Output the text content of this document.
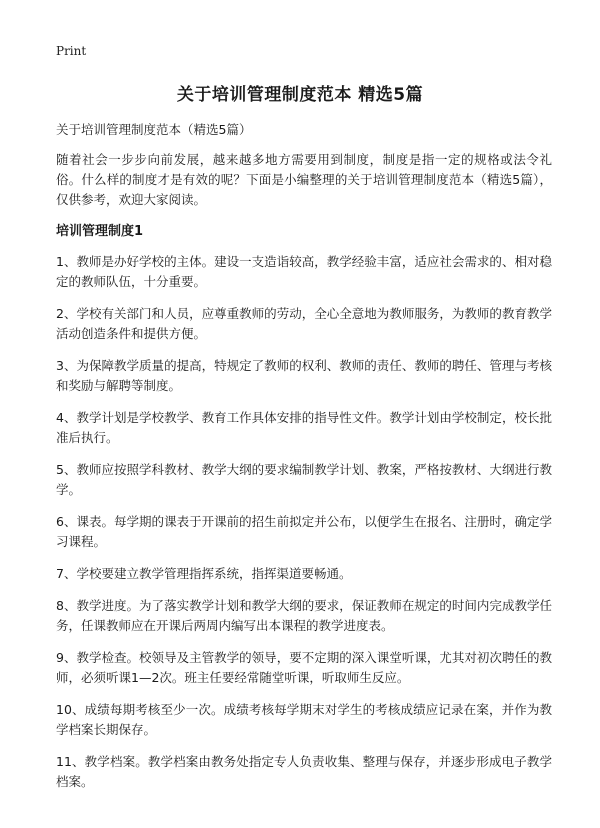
Print
关于培训管理制度范本 精选5篇

关于培训管理制度范本（精选5篇）

随着社会一步步向前发展，越来越多地方需要用到制度，制度是指一定的规格或法令礼俗。什么样的制度才是有效的呢？下面是小编整理的关于培训管理制度范本（精选5篇），仅供参考，欢迎大家阅读。

培训管理制度1

1、教师是办好学校的主体。建设一支造诣较高，教学经验丰富，适应社会需求的、相对稳定的教师队伍，十分重要。

2、学校有关部门和人员，应尊重教师的劳动，全心全意地为教师服务，为教师的教育教学活动创造条件和提供方便。

3、为保障教学质量的提高，特规定了教师的权利、教师的责任、教师的聘任、管理与考核和奖励与解聘等制度。

4、教学计划是学校教学、教育工作具体安排的指导性文件。教学计划由学校制定，校长批准后执行。

5、教师应按照学科教材、教学大纲的要求编制教学计划、教案，严格按教材、大纲进行教学。

6、课表。每学期的课表于开课前的招生前拟定并公布，以便学生在报名、注册时，确定学习课程。

7、学校要建立教学管理指挥系统，指挥渠道要畅通。

8、教学进度。为了落实教学计划和教学大纲的要求，保证教师在规定的时间内完成教学任务，任课教师应在开课后两周内编写出本课程的教学进度表。

9、教学检查。校领导及主管教学的领导，要不定期的深入课堂听课，尤其对初次聘任的教师，必须听课1—2次。班主任要经常随堂听课，听取师生反应。

10、成绩每期考核至少一次。成绩考核每学期末对学生的考核成绩应记录在案，并作为教学档案长期保存。

11、教学档案。教学档案由教务处指定专人负责收集、整理与保存，并逐步形成电子教学档案。
